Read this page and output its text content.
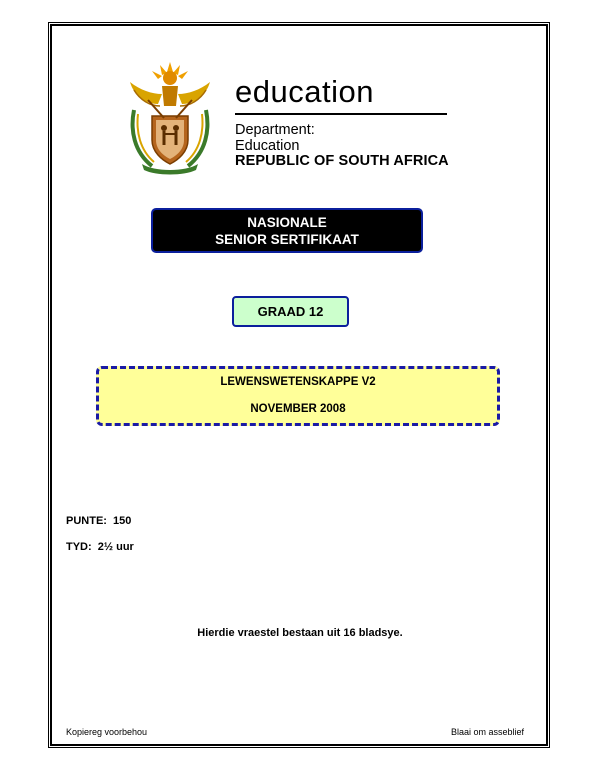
education
Department:
Education
REPUBLIC OF SOUTH AFRICA
NASIONALE
SENIOR SERTIFIKAAT
GRAAD 12
LEWENSWETENSKAPPE V2
NOVEMBER 2008
PUNTE:  150
TYD:  2½ uur
Hierdie vraestel bestaan uit 16 bladsye.
Kopiereg voorbehou	Blaai om asseblief
